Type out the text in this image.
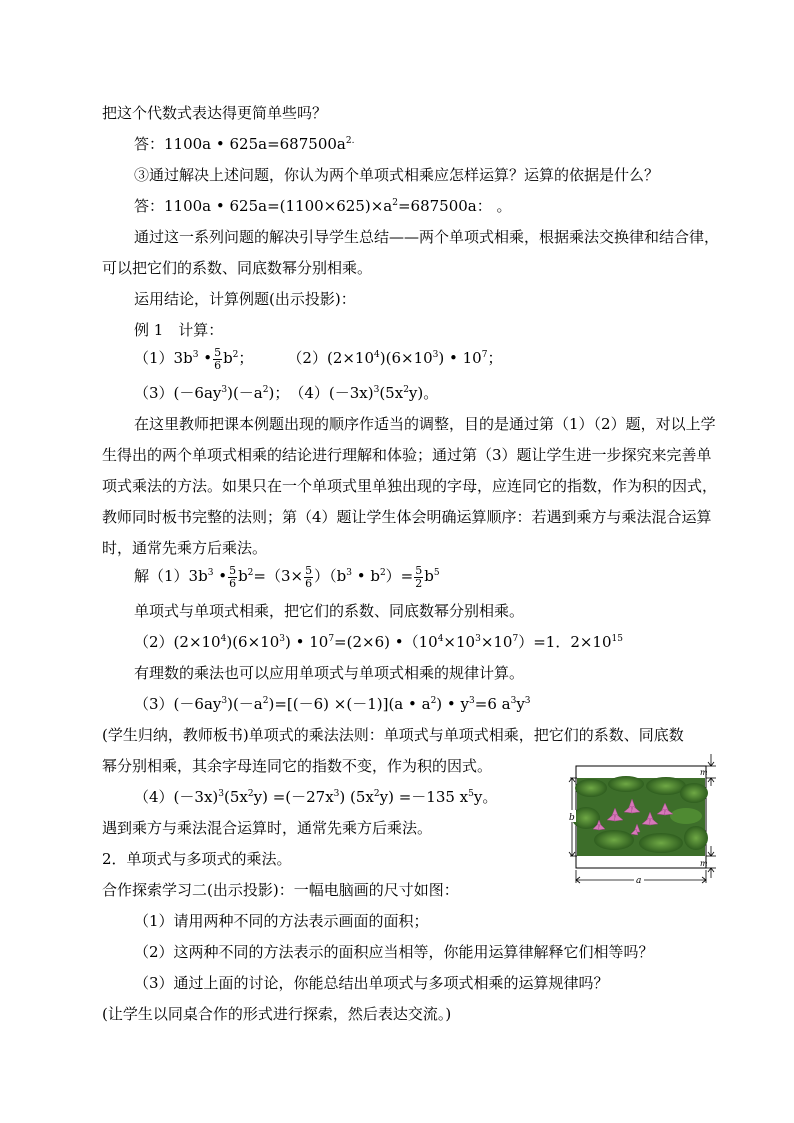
把这个代数式表达得更简单些吗？
答：1100a • $625a=687500a^{2.}$
③通过解决上述问题，你认为两个单项式相乘应怎样运算？运算的依据是什么？
答：1100a • $625a=(1100\times 625)\times a^2=687500a$： 。
通过这一系列问题的解决引导学生总结——两个单项式相乘，根据乘法交换律和结合律，
可以把它们的系数、同底数幂分别相乘。
运用结论，计算例题(出示投影)：
例 1　计算：
$(1)3b^3$ • $\frac{5}{6} b^2$； $(2)(2\times 10^4)(6\times 10^3)$ • $10^7$；
$(3)(-6ay^3)(-a^2)$；　$(4)(-3x)^3(5x^2y)$。
在这里教师把课本例题出现的顺序作适当的调整，目的是通过第（1）（2）题，对以上学
生得出的两个单项式相乘的结论进行理解和体验；通过第（3）题让学生进一步探究来完善单
项式乘法的方法。如果只在一个单项式里单独出现的字母，应连同它的指数，作为积的因式，
教师同时板书完整的法则；第（4）题让学生体会明确运算顺序：若遇到乘方与乘法混合运算
时，通常先乘方后乘法。
解$(1)3b^3$ • $\frac{5}{6} b^2=(3\times \frac{5}{6} )(b^3$ • $b^2)= \frac{5}{2} b^5$
单项式与单项式相乘，把它们的系数、同底数幂分别相乘。
$(2)(2\times 10^4)(6\times 10^3)$ • $10^7=(2\times 6)$ $•(10^4\times 10^3\times 10^7)=1$．$2\times 10^{15}$
有理数的乘法也可以应用单项式与单项式相乘的规律计算。
$(3)(-6ay^3)(-a^2)=[(-6) \times(-1)](a$ • $a^2$) • $y^3=6$ $a^3y^3$
(学生归纳，教师板书)单项式的乘法法则：单项式与单项式相乘，把它们的系数、同底数
幂分别相乘，其余字母连同它的指数不变，作为积的因式。
$(4)(-3x)^3(5x^2y) =(-27x^3)$ $(5x^2y) =-135$ $x^5y$。
遇到乘方与乘法混合运算时，通常先乘方后乘法。
2．单项式与多项式的乘法。
合作探索学习二(出示投影)：一幅电脑画的尺寸如图：
（1）请用两种不同的方法表示画面的面积；
（2）这两种不同的方法表示的面积应当相等，你能用运算律解释它们相等吗？
（3）通过上面的讨论，你能总结出单项式与多项式相乘的运算规律吗？
(让学生以同桌合作的形式进行探索，然后表达交流。)
m
m
b
a
